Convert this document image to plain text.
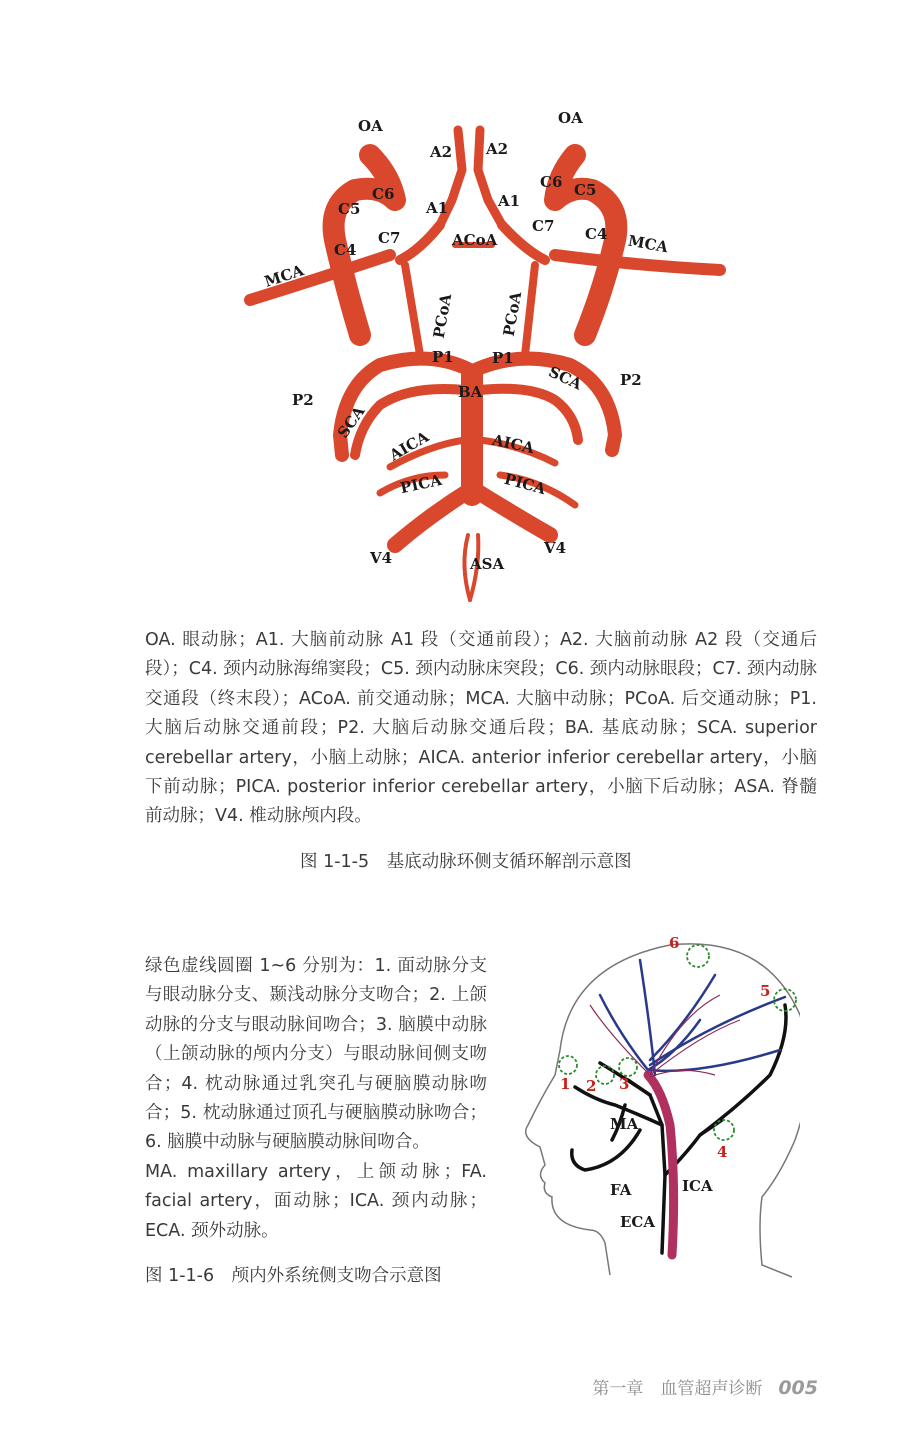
OA	OA
A2 A2
A1	A1
C6
C5
C4
C7
C6 C5
C4
C7
ACoA
MCA
MCA
PCoA	PCoA
P1	P1
P2
P2
BA
SCA
SCA
AICA	AICA
PICA	PICA
V4
V4
ASA
OA. 眼动脉；A1. 大脑前动脉 A1 段（交通前段）；A2. 大脑前动脉 A2 段（交通后段）；C4. 颈内动脉海绵窦段；C5. 颈内动脉床突段；C6. 颈内动脉眼段；C7. 颈内动脉交通段（终末段）；ACoA. 前交通动脉；MCA. 大脑中动脉；PCoA. 后交通动脉；P1. 大脑后动脉交通前段；P2. 大脑后动脉交通后段；BA. 基底动脉；SCA. superior cerebellar artery，小脑上动脉；AICA. anterior inferior cerebellar artery，小脑下前动脉；PICA. posterior inferior cerebellar artery，小脑下后动脉；ASA. 脊髓前动脉；V4. 椎动脉颅内段。
图 1-1-5　基底动脉环侧支循环解剖示意图

绿色虚线圆圈 1~6 分别为：1. 面动脉分支与眼动脉分支、颞浅动脉分支吻合；2. 上颌动脉的分支与眼动脉间吻合；3. 脑膜中动脉（上颌动脉的颅内分支）与眼动脉间侧支吻合；4. 枕动脉通过乳突孔与硬脑膜动脉吻合；5. 枕动脉通过顶孔与硬脑膜动脉吻合；6. 脑膜中动脉与硬脑膜动脉间吻合。

MA. maxillary artery，上颌动脉；FA. facial artery，面动脉；ICA. 颈内动脉；ECA. 颈外动脉。

图 1-1-6　颅内外系统侧支吻合示意图
1 2 3
4
5
6
MA
FA	ICA
ECA
第一章　血管超声诊断 005
